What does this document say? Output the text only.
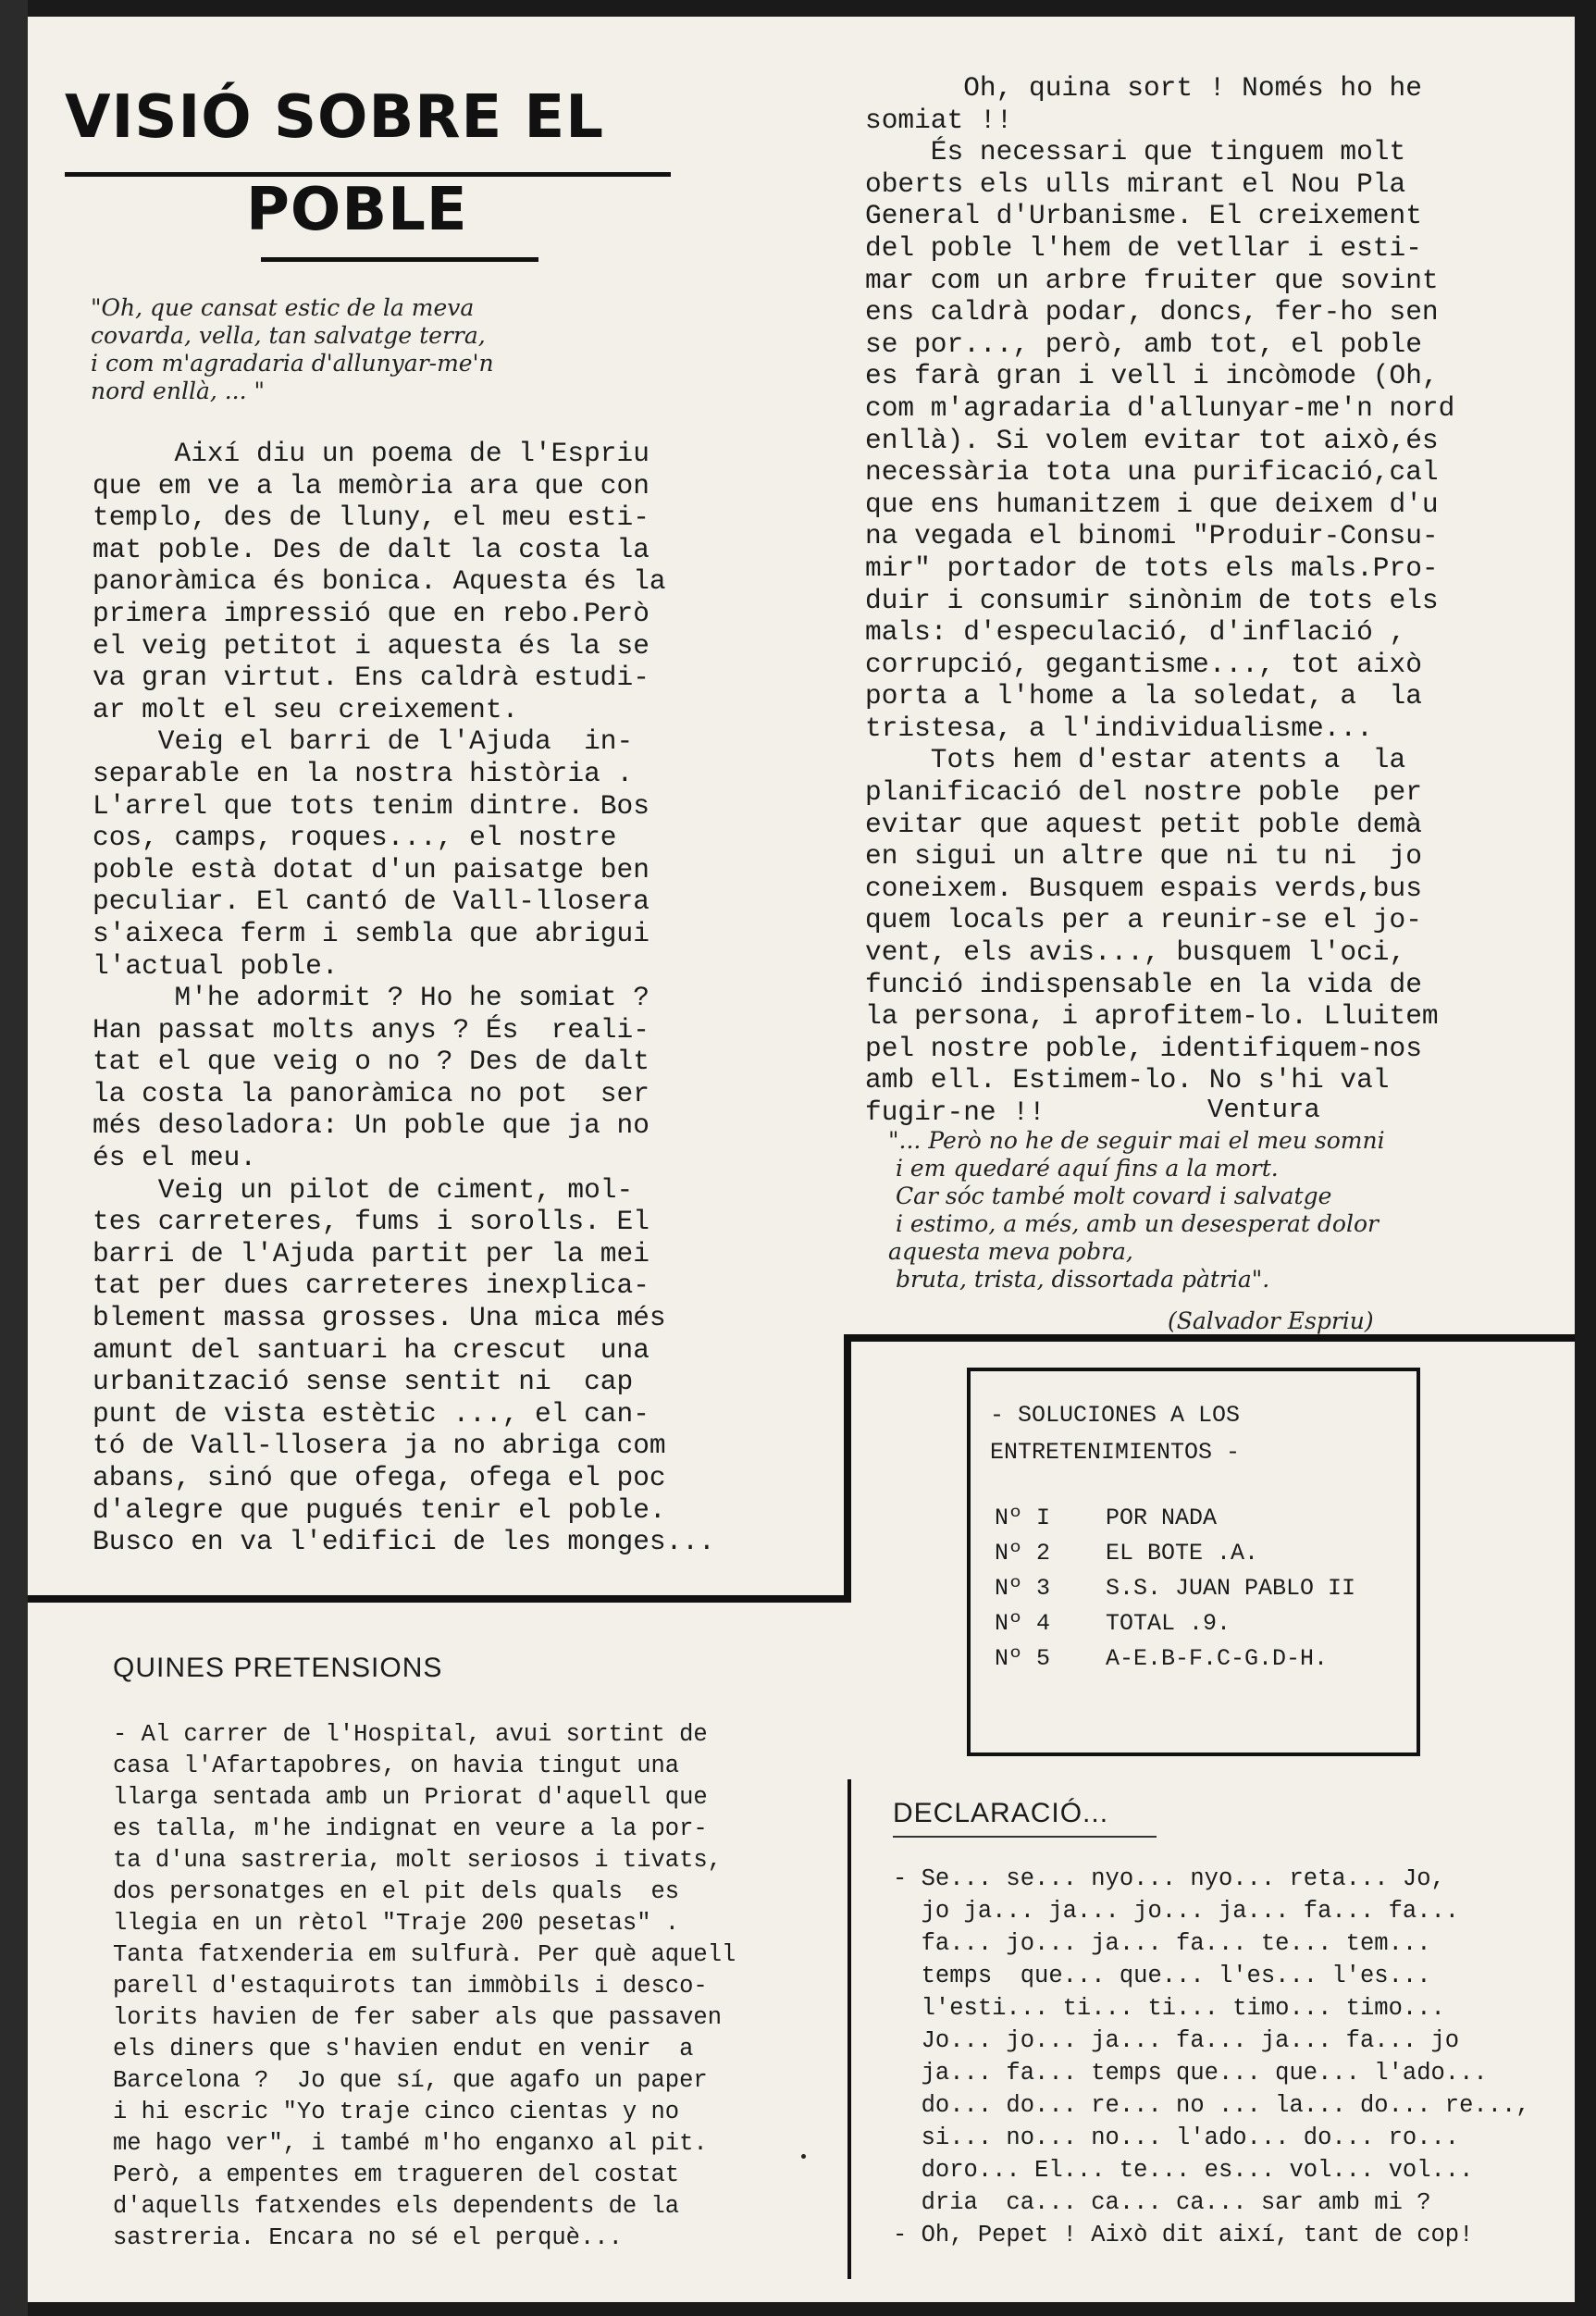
VISIÓ SOBRE EL
POBLE
"Oh, que cansat estic de la meva
covarda, vella, tan salvatge terra,
i com m'agradaria d'allunyar-me'n
nord enllà, ... "
Així diu un poema de l'Espriu
que em ve a la memòria ara que con
templo, des de lluny, el meu esti-
mat poble. Des de dalt la costa la
panoràmica és bonica. Aquesta és la
primera impressió que en rebo.Però
el veig petitot i aquesta és la se
va gran virtut. Ens caldrà estudi-
ar molt el seu creixement.
Veig el barri de l'Ajuda  in-
separable en la nostra història .
L'arrel que tots tenim dintre. Bos
cos, camps, roques..., el nostre
poble està dotat d'un paisatge ben
peculiar. El cantó de Vall-llosera
s'aixeca ferm i sembla que abrigui
l'actual poble.
M'he adormit ? Ho he somiat ?
Han passat molts anys ? És  reali-
tat el que veig o no ? Des de dalt
la costa la panoràmica no pot  ser
més desoladora: Un poble que ja no
és el meu.
Veig un pilot de ciment, mol-
tes carreteres, fums i sorolls. El
barri de l'Ajuda partit per la mei
tat per dues carreteres inexplica-
blement massa grosses. Una mica més
amunt del santuari ha crescut  una
urbanització sense sentit ni  cap
punt de vista estètic ..., el can-
tó de Vall-llosera ja no abriga com
abans, sinó que ofega, ofega el poc
d'alegre que pugués tenir el poble.
Busco en va l'edifici de les monges...
Oh, quina sort ! Només ho he
somiat !!
És necessari que tinguem molt
oberts els ulls mirant el Nou Pla
General d'Urbanisme. El creixement
del poble l'hem de vetllar i esti-
mar com un arbre fruiter que sovint
ens caldrà podar, doncs, fer-ho sen
se por..., però, amb tot, el poble
es farà gran i vell i incòmode (Oh,
com m'agradaria d'allunyar-me'n nord
enllà). Si volem evitar tot això,és
necessària tota una purificació,cal
que ens humanitzem i que deixem d'u
na vegada el binomi "Produir-Consu-
mir" portador de tots els mals.Pro-
duir i consumir sinònim de tots els
mals: d'especulació, d'inflació ,
corrupció, gegantisme..., tot això
porta a l'home a la soledat, a  la
tristesa, a l'individualisme...
Tots hem d'estar atents a  la
planificació del nostre poble  per
evitar que aquest petit poble demà
en sigui un altre que ni tu ni  jo
coneixem. Busquem espais verds,bus
quem locals per a reunir-se el jo-
vent, els avis..., busquem l'oci,
funció indispensable en la vida de
la persona, i aprofitem-lo. Lluitem
pel nostre poble, identifiquem-nos
amb ell. Estimem-lo. No s'hi val
fugir-ne !!	Ventura
"... Però no he de seguir mai el meu somni
i em quedaré aquí fins a la mort.
Car sóc també molt covard i salvatge
i estimo, a més, amb un desesperat dolor
aquesta meva pobra,
bruta, trista, dissortada pàtria".
(Salvador Espriu)
- SOLUCIONES A LOS
ENTRETENIMIENTOS -
Nº I POR NADA
Nº 2 EL BOTE .A.
Nº 3 S.S. JUAN PABLO II
Nº 4 TOTAL .9.
Nº 5 A-E.B-F.C-G.D-H.
QUINES PRETENSIONS
- Al carrer de l'Hospital, avui sortint de
casa l'Afartapobres, on havia tingut una
llarga sentada amb un Priorat d'aquell que
es talla, m'he indignat en veure a la por-
ta d'una sastreria, molt seriosos i tivats,
dos personatges en el pit dels quals  es
llegia en un rètol "Traje 200 pesetas" .
Tanta fatxenderia em sulfurà. Per què aquell
parell d'estaquirots tan immòbils i desco-
lorits havien de fer saber als que passaven
els diners que s'havien endut en venir  a
Barcelona ?  Jo que sí, que agafo un paper
i hi escric "Yo traje cinco cientas y no
me hago ver", i també m'ho enganxo al pit.
Però, a empentes em tragueren del costat
d'aquells fatxendes els dependents de la
sastreria. Encara no sé el perquè...
DECLARACIÓ...
- Se... se... nyo... nyo... reta... Jo,
jo ja... ja... jo... ja... fa... fa...
fa... jo... ja... fa... te... tem...
temps  que... que... l'es... l'es...
l'esti... ti... ti... timo... timo...
Jo... jo... ja... fa... ja... fa... jo
ja... fa... temps que... que... l'ado...
do... do... re... no ... la... do... re...,
si... no... no... l'ado... do... ro...
doro... El... te... es... vol... vol...
dria  ca... ca... ca... sar amb mi ?
- Oh, Pepet ! Això dit així, tant de cop!
